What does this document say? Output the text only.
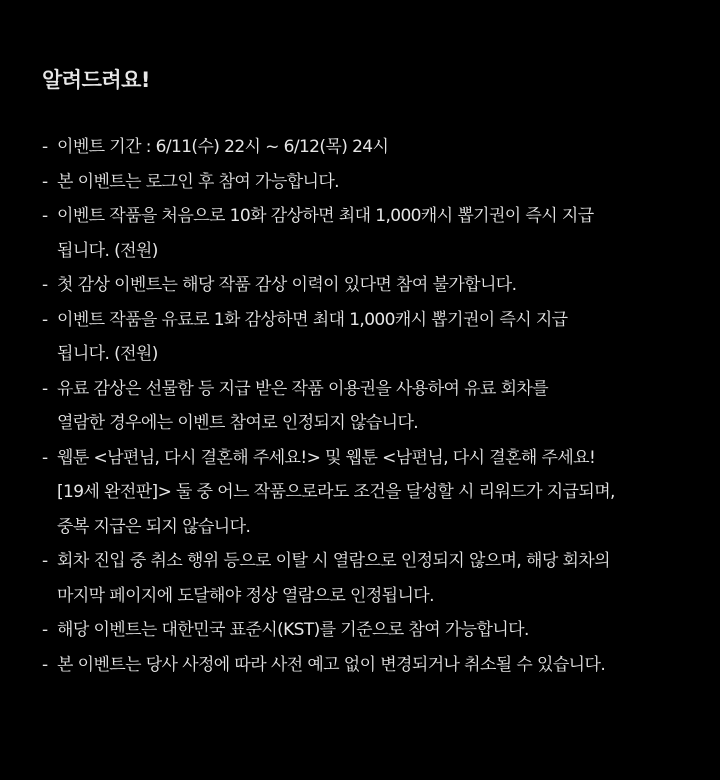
알려드려요!
- 이벤트 기간 : 6/11(수) 22시 ~ 6/12(목) 24시
- 본 이벤트는 로그인 후 참여 가능합니다.
- 이벤트 작품을 처음으로 10화 감상하면 최대 1,000캐시 뽑기권이 즉시 지급
됩니다. (전원)
- 첫 감상 이벤트는 해당 작품 감상 이력이 있다면 참여 불가합니다.
- 이벤트 작품을 유료로 1화 감상하면 최대 1,000캐시 뽑기권이 즉시 지급
됩니다. (전원)
- 유료 감상은 선물함 등 지급 받은 작품 이용권을 사용하여 유료 회차를
열람한 경우에는 이벤트 참여로 인정되지 않습니다.
- 웹툰 <남편님, 다시 결혼해 주세요!> 및 웹툰 <남편님, 다시 결혼해 주세요!
[19세 완전판]> 둘 중 어느 작품으로라도 조건을 달성할 시 리워드가 지급되며,
중복 지급은 되지 않습니다.
- 회차 진입 중 취소 행위 등으로 이탈 시 열람으로 인정되지 않으며, 해당 회차의
마지막 페이지에 도달해야 정상 열람으로 인정됩니다.
- 해당 이벤트는 대한민국 표준시(KST)를 기준으로 참여 가능합니다.
- 본 이벤트는 당사 사정에 따라 사전 예고 없이 변경되거나 취소될 수 있습니다.
